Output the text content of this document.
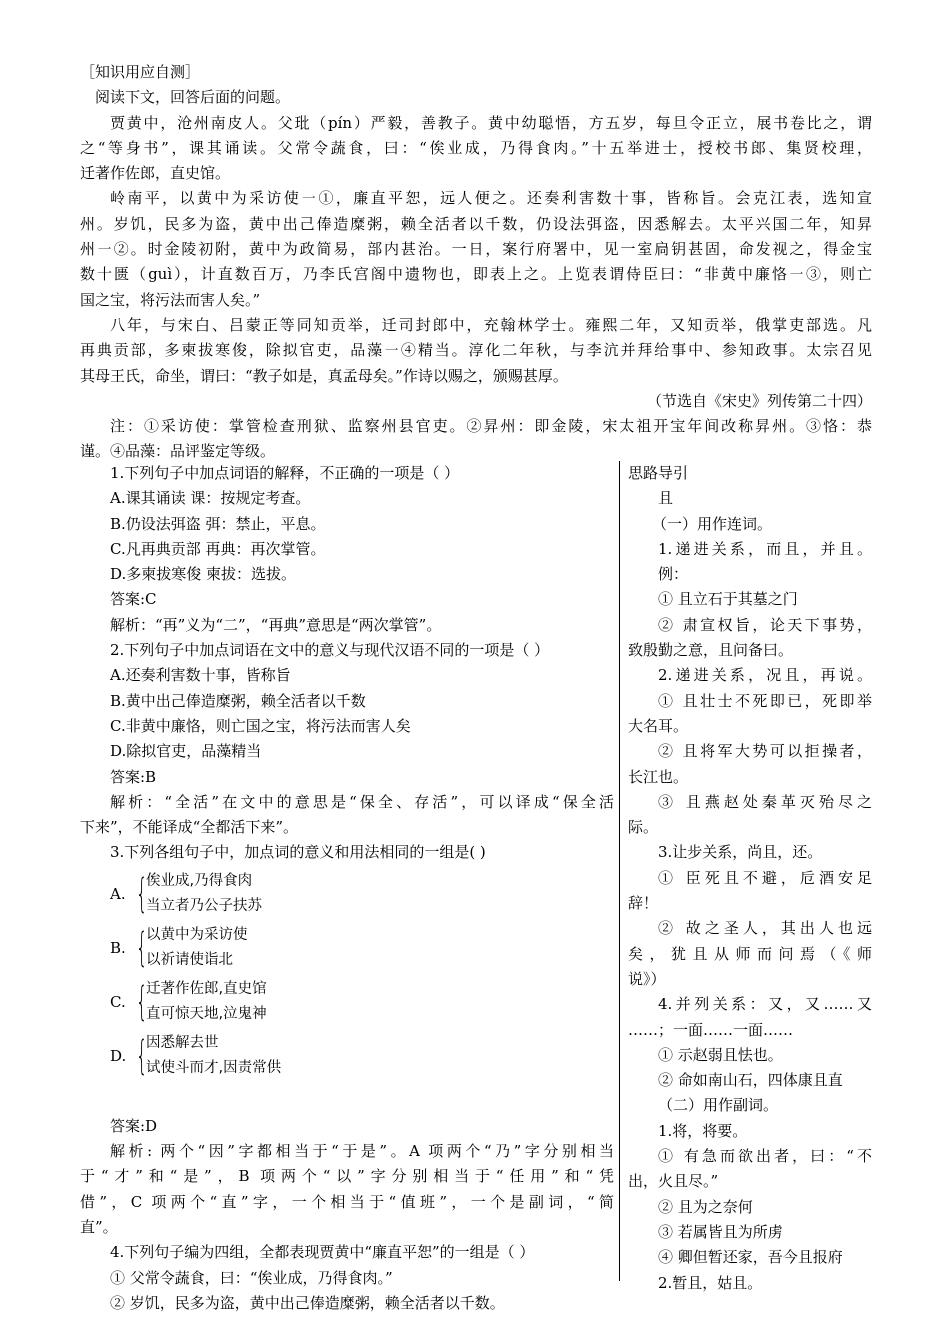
［知识用应自测］
阅读下文，回答后面的问题。
贾黄中，沧州南皮人。父玭（pín）严毅，善教子。黄中幼聪悟，方五岁，每旦令正立，展书卷比之，谓
之“等身书”，课其诵读。父常令蔬食，曰：“俟业成，乃得食肉。”十五举进士，授校书郎、集贤校理，
迁著作佐郎，直史馆。
岭南平，以黄中为采访使㇐①，廉直平恕，远人便之。还奏利害数十事，皆称旨。会克江表，选知宣
州。岁饥，民多为盗，黄中出己俸造糜粥，赖全活者以千数，仍设法弭盗，因悉解去。太平兴国二年，知昇
州㇐②。时金陵初附，黄中为政简易，部内甚治。一日，案行府署中，见一室扃钥甚固，命发视之，得金宝
数十匮（guì），计直数百万，乃李氏宫阁中遗物也，即表上之。上览表谓侍臣曰：“非黄中廉恪㇐③，则亡
国之宝，将污法而害人矣。”
八年，与宋白、吕蒙正等同知贡举，迁司封郎中，充翰林学士。雍熙二年，又知贡举，俄掌吏部选。凡
再典贡部，多柬拔寒俊，除拟官吏，品藻㇐④精当。淳化二年秋，与李沆并拜给事中、参知政事。太宗召见
其母王氏，命坐，谓曰：“教子如是，真孟母矣。”作诗以赐之，颁赐甚厚。
（节选自《宋史》列传第二十四）
注：①采访使：掌管检查刑狱、监察州县官吏。②昇州：即金陵，宋太祖开宝年间改称昇州。③恪：恭
谨。④品藻：品评鉴定等级。
1.下列句子中加点词语的解释，不正确的一项是（ ）
A.课其诵读 课：按规定考查。
B.仍设法弭盗 弭：禁止，平息。
C.凡再典贡部 再典：再次掌管。
D.多柬拔寒俊 柬拔：选拔。
答案:C
解析：“再”义为“二”，“再典”意思是“两次掌管”。
2.下列句子中加点词语在文中的意义与现代汉语不同的一项是（ ）
A.还奏利害数十事，皆称旨
B.黄中出己俸造糜粥，赖全活者以千数
C.非黄中廉恪，则亡国之宝，将污法而害人矣
D.除拟官吏，品藻精当
答案:B
解析：“全活”在文中的意思是“保全、存活”，可以译成“保全活
下来”，不能译成“全都活下来”。
3.下列各组句子中，加点词的意义和用法相同的一组是( )
A. {
俟业成,乃得食肉
当立者乃公子扶苏
B. {
以黄中为采访使
以祈请使诣北
C. {
迁著作佐郎,直史馆
直可惊天地,泣鬼神
D. {
因悉解去世
试使斗而才,因责常供
答案:D
解析: 两个“因”字都相当于“于是”。A 项两个“乃”字分别相当
于“才”和“是”，B 项两个“以”字分别相当于“任用”和“凭
借”，C 项两个“直”字，一个相当于“值班”，一个是副词，“简
直”。
4.下列句子编为四组，全都表现贾黄中“廉直平恕”的一组是（ ）
① 父常令蔬食，曰：“俟业成，乃得食肉。”
② 岁饥，民多为盗，黄中出己俸造糜粥，赖全活者以千数。
思路导引
且
（一）用作连词。
1.递进关系，而且，并且。
例：
① 且立石于其墓之门
② 肃宣权旨，论天下事势，
致殷勤之意，且问备曰。
2.递进关系，况且，再说。
① 且壮士不死即已，死即举
大名耳。
② 且将军大势可以拒操者，
长江也。
③ 且燕赵处秦革灭殆尽之
际。
3.让步关系，尚且，还。
① 臣死且不避，卮酒安足
辞！
② 故之圣人，其出人也远
矣，犹且从师而问焉（《师
说》）
4.并列关系：又，又……又
……；一面……一面……
① 示赵弱且怯也。
② 命如南山石，四体康且直
（二）用作副词。
1.将，将要。
① 有急而欲出者，曰：“不
出，火且尽。”
② 且为之奈何
③ 若属皆且为所虏
④ 卿但暂还家，吾今且报府
2.暂且，姑且。
